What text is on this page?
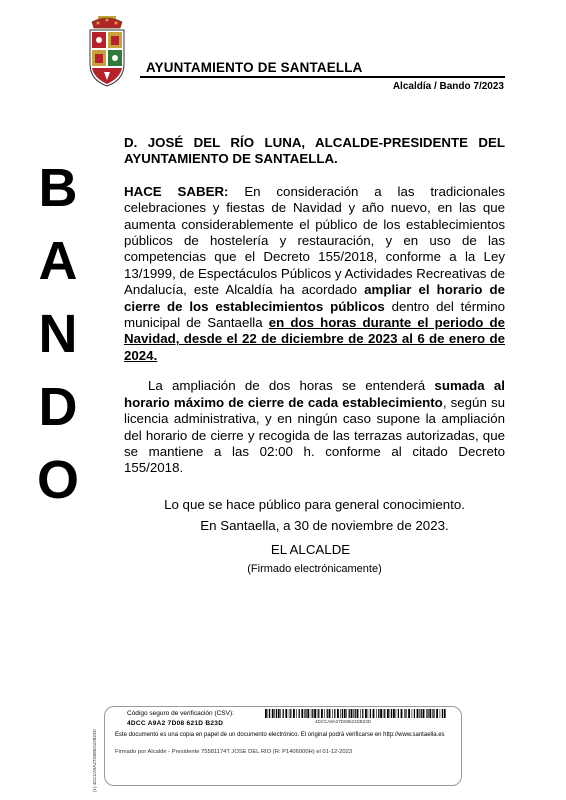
AYUNTAMIENTO DE SANTAELLA
Alcaldía / Bando 7/2023
B
A
N
D
O

D. JOSÉ DEL RÍO LUNA, ALCALDE-PRESIDENTE DEL AYUNTAMIENTO DE SANTAELLA.

HACE SABER: En consideración a las tradicionales celebraciones y fiestas de Navidad y año nuevo, en las que aumenta considerablemente el público de los establecimientos públicos de hostelería y restauración, y en uso de las competencias que el Decreto 155/2018, conforme a la Ley 13/1999, de Espectáculos Públicos y Actividades Recreativas de Andalucía, este Alcaldía ha acordado ampliar el horario de cierre de los establecimientos públicos dentro del término municipal de Santaella en dos horas durante el periodo de Navidad, desde el 22 de diciembre de 2023 al 6 de enero de 2024.

La ampliación de dos horas se entenderá sumada al horario máximo de cierre de cada establecimiento, según su licencia administrativa, y en ningún caso supone la ampliación del horario de cierre y recogida de las terrazas autorizadas, que se mantiene a las 02:00 h. conforme al citado Decreto 155/2018.

Lo que se hace público para general conocimiento.
En Santaella, a 30 de noviembre de 2023.
EL ALCALDE
(Firmado electrónicamente)
(1) 4DCCA9A27D08621DB23D
Código seguro de verificación (CSV):
4DCC A9A2 7D08 621D B23D	4DCCA9A27D08621DB23D
Este documento es una copia en papel de un documento electrónico. El original podrá verificarse en http://www.santaella.es
Firmado por Alcalde - Presidente 75581174T JOSE DEL RIO (R: P1406000H) el 01-12-2023
